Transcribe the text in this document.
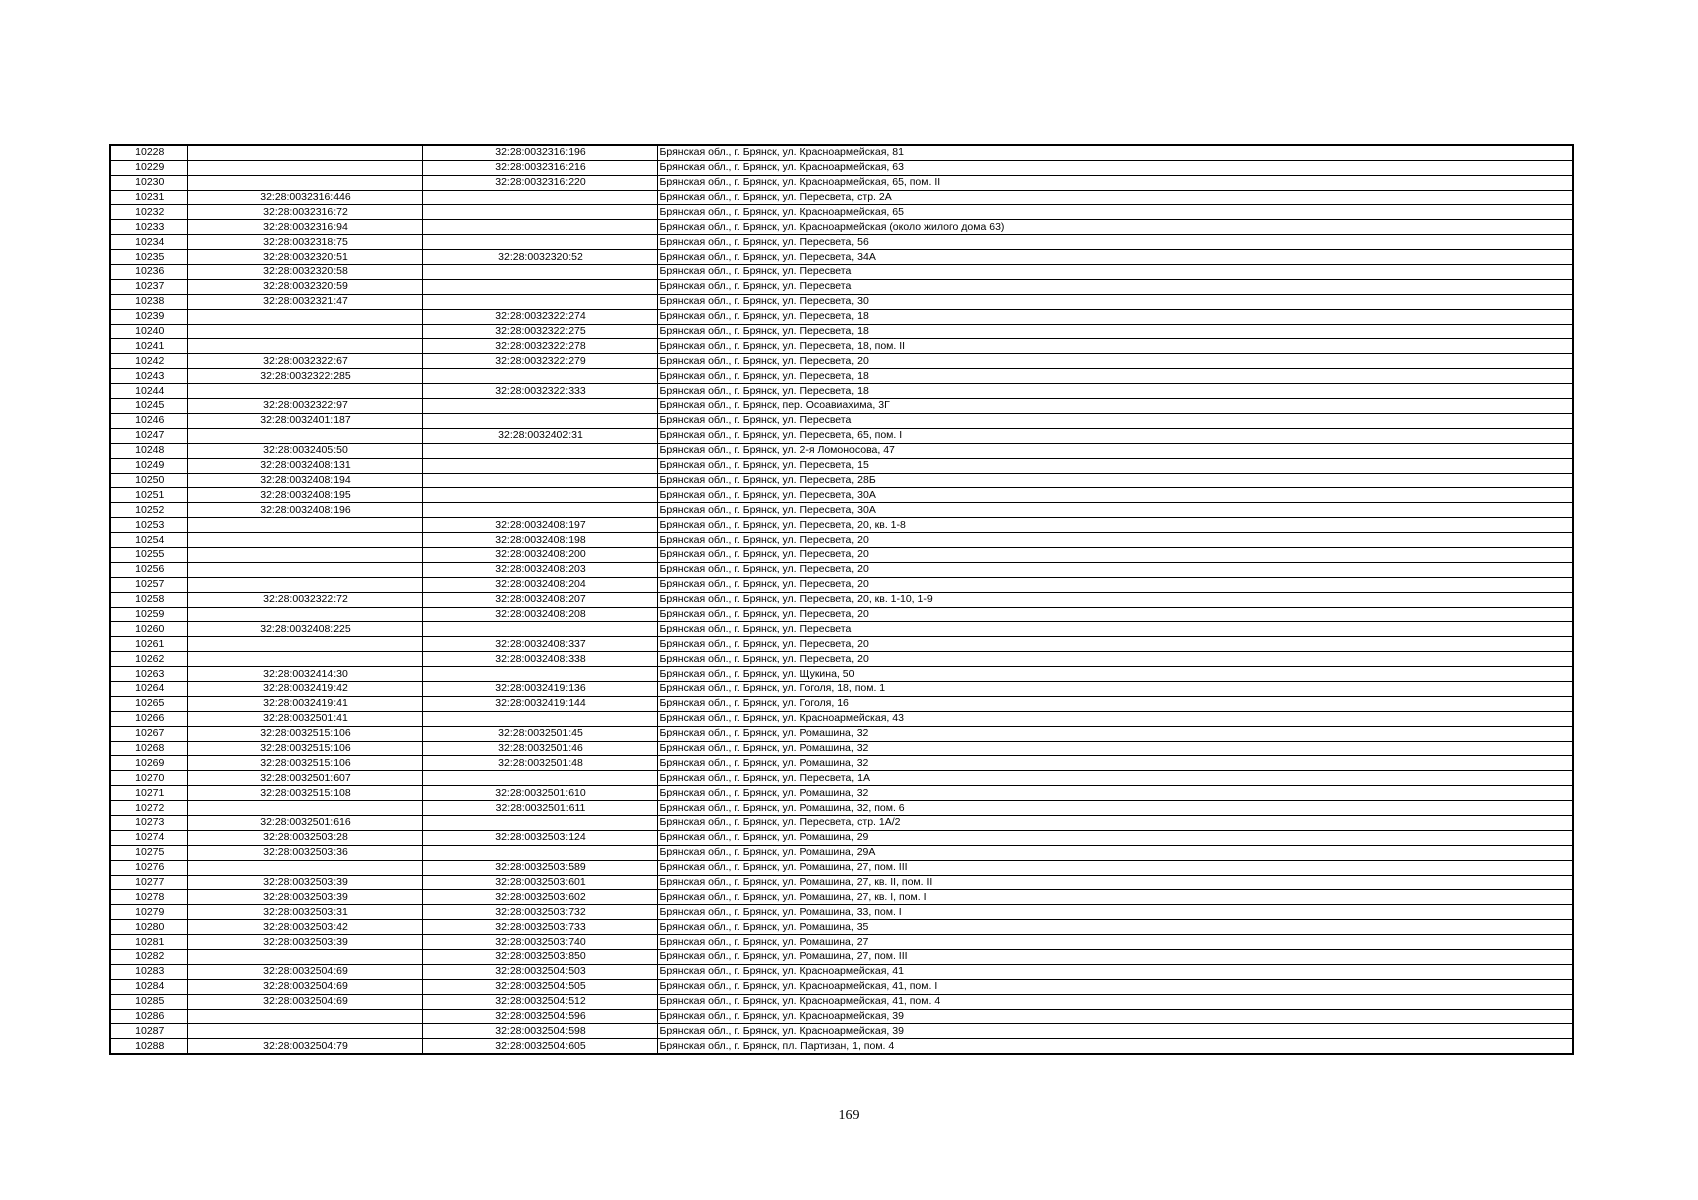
10228		32:28:0032316:196	Брянская обл., г. Брянск, ул. Красноармейская, 81
10229		32:28:0032316:216	Брянская обл., г. Брянск, ул. Красноармейская, 63
10230		32:28:0032316:220	Брянская обл., г. Брянск, ул. Красноармейская, 65, пом. II
10231	32:28:0032316:446		Брянская обл., г. Брянск, ул. Пересвета, стр. 2А
10232	32:28:0032316:72		Брянская обл., г. Брянск, ул. Красноармейская, 65
10233	32:28:0032316:94		Брянская обл., г. Брянск, ул. Красноармейская (около жилого дома 63)
10234	32:28:0032318:75		Брянская обл., г. Брянск, ул. Пересвета, 56
10235	32:28:0032320:51	32:28:0032320:52	Брянская обл., г. Брянск, ул. Пересвета, 34А
10236	32:28:0032320:58		Брянская обл., г. Брянск, ул. Пересвета
10237	32:28:0032320:59		Брянская обл., г. Брянск, ул. Пересвета
10238	32:28:0032321:47		Брянская обл., г. Брянск, ул. Пересвета, 30
10239		32:28:0032322:274	Брянская обл., г. Брянск, ул. Пересвета, 18
10240		32:28:0032322:275	Брянская обл., г. Брянск, ул. Пересвета, 18
10241		32:28:0032322:278	Брянская обл., г. Брянск, ул. Пересвета, 18, пом. II
10242	32:28:0032322:67	32:28:0032322:279	Брянская обл., г. Брянск, ул. Пересвета, 20
10243	32:28:0032322:285		Брянская обл., г. Брянск, ул. Пересвета, 18
10244		32:28:0032322:333	Брянская обл., г. Брянск, ул. Пересвета, 18
10245	32:28:0032322:97		Брянская обл., г. Брянск, пер. Осоавиахима, 3Г
10246	32:28:0032401:187		Брянская обл., г. Брянск, ул. Пересвета
10247		32:28:0032402:31	Брянская обл., г. Брянск, ул. Пересвета, 65, пом. I
10248	32:28:0032405:50		Брянская обл., г. Брянск, ул. 2-я Ломоносова, 47
10249	32:28:0032408:131		Брянская обл., г. Брянск, ул. Пересвета, 15
10250	32:28:0032408:194		Брянская обл., г. Брянск, ул. Пересвета, 28Б
10251	32:28:0032408:195		Брянская обл., г. Брянск, ул. Пересвета, 30А
10252	32:28:0032408:196		Брянская обл., г. Брянск, ул. Пересвета, 30А
10253		32:28:0032408:197	Брянская обл., г. Брянск, ул. Пересвета, 20, кв. 1-8
10254		32:28:0032408:198	Брянская обл., г. Брянск, ул. Пересвета, 20
10255		32:28:0032408:200	Брянская обл., г. Брянск, ул. Пересвета, 20
10256		32:28:0032408:203	Брянская обл., г. Брянск, ул. Пересвета, 20
10257		32:28:0032408:204	Брянская обл., г. Брянск, ул. Пересвета, 20
10258	32:28:0032322:72	32:28:0032408:207	Брянская обл., г. Брянск, ул. Пересвета, 20, кв. 1-10, 1-9
10259		32:28:0032408:208	Брянская обл., г. Брянск, ул. Пересвета, 20
10260	32:28:0032408:225		Брянская обл., г. Брянск, ул. Пересвета
10261		32:28:0032408:337	Брянская обл., г. Брянск, ул. Пересвета, 20
10262		32:28:0032408:338	Брянская обл., г. Брянск, ул. Пересвета, 20
10263	32:28:0032414:30		Брянская обл., г. Брянск, ул. Щукина, 50
10264	32:28:0032419:42	32:28:0032419:136	Брянская обл., г. Брянск, ул. Гоголя, 18, пом. 1
10265	32:28:0032419:41	32:28:0032419:144	Брянская обл., г. Брянск, ул. Гоголя, 16
10266	32:28:0032501:41		Брянская обл., г. Брянск, ул. Красноармейская, 43
10267	32:28:0032515:106	32:28:0032501:45	Брянская обл., г. Брянск, ул. Ромашина, 32
10268	32:28:0032515:106	32:28:0032501:46	Брянская обл., г. Брянск, ул. Ромашина, 32
10269	32:28:0032515:106	32:28:0032501:48	Брянская обл., г. Брянск, ул. Ромашина, 32
10270	32:28:0032501:607		Брянская обл., г. Брянск, ул. Пересвета, 1А
10271	32:28:0032515:108	32:28:0032501:610	Брянская обл., г. Брянск, ул. Ромашина, 32
10272		32:28:0032501:611	Брянская обл., г. Брянск, ул. Ромашина, 32, пом. 6
10273	32:28:0032501:616		Брянская обл., г. Брянск, ул. Пересвета, стр. 1А/2
10274	32:28:0032503:28	32:28:0032503:124	Брянская обл., г. Брянск, ул. Ромашина, 29
10275	32:28:0032503:36		Брянская обл., г. Брянск, ул. Ромашина, 29А
10276		32:28:0032503:589	Брянская обл., г. Брянск, ул. Ромашина, 27, пом. III
10277	32:28:0032503:39	32:28:0032503:601	Брянская обл., г. Брянск, ул. Ромашина, 27, кв. II, пом. II
10278	32:28:0032503:39	32:28:0032503:602	Брянская обл., г. Брянск, ул. Ромашина, 27, кв. I, пом. I
10279	32:28:0032503:31	32:28:0032503:732	Брянская обл., г. Брянск, ул. Ромашина, 33, пом. I
10280	32:28:0032503:42	32:28:0032503:733	Брянская обл., г. Брянск, ул. Ромашина, 35
10281	32:28:0032503:39	32:28:0032503:740	Брянская обл., г. Брянск, ул. Ромашина, 27
10282		32:28:0032503:850	Брянская обл., г. Брянск, ул. Ромашина, 27, пом. III
10283	32:28:0032504:69	32:28:0032504:503	Брянская обл., г. Брянск, ул. Красноармейская, 41
10284	32:28:0032504:69	32:28:0032504:505	Брянская обл., г. Брянск, ул. Красноармейская, 41, пом. I
10285	32:28:0032504:69	32:28:0032504:512	Брянская обл., г. Брянск, ул. Красноармейская, 41, пом. 4
10286		32:28:0032504:596	Брянская обл., г. Брянск, ул. Красноармейская, 39
10287		32:28:0032504:598	Брянская обл., г. Брянск, ул. Красноармейская, 39
10288	32:28:0032504:79	32:28:0032504:605	Брянская обл., г. Брянск, пл. Партизан, 1, пом. 4
169
